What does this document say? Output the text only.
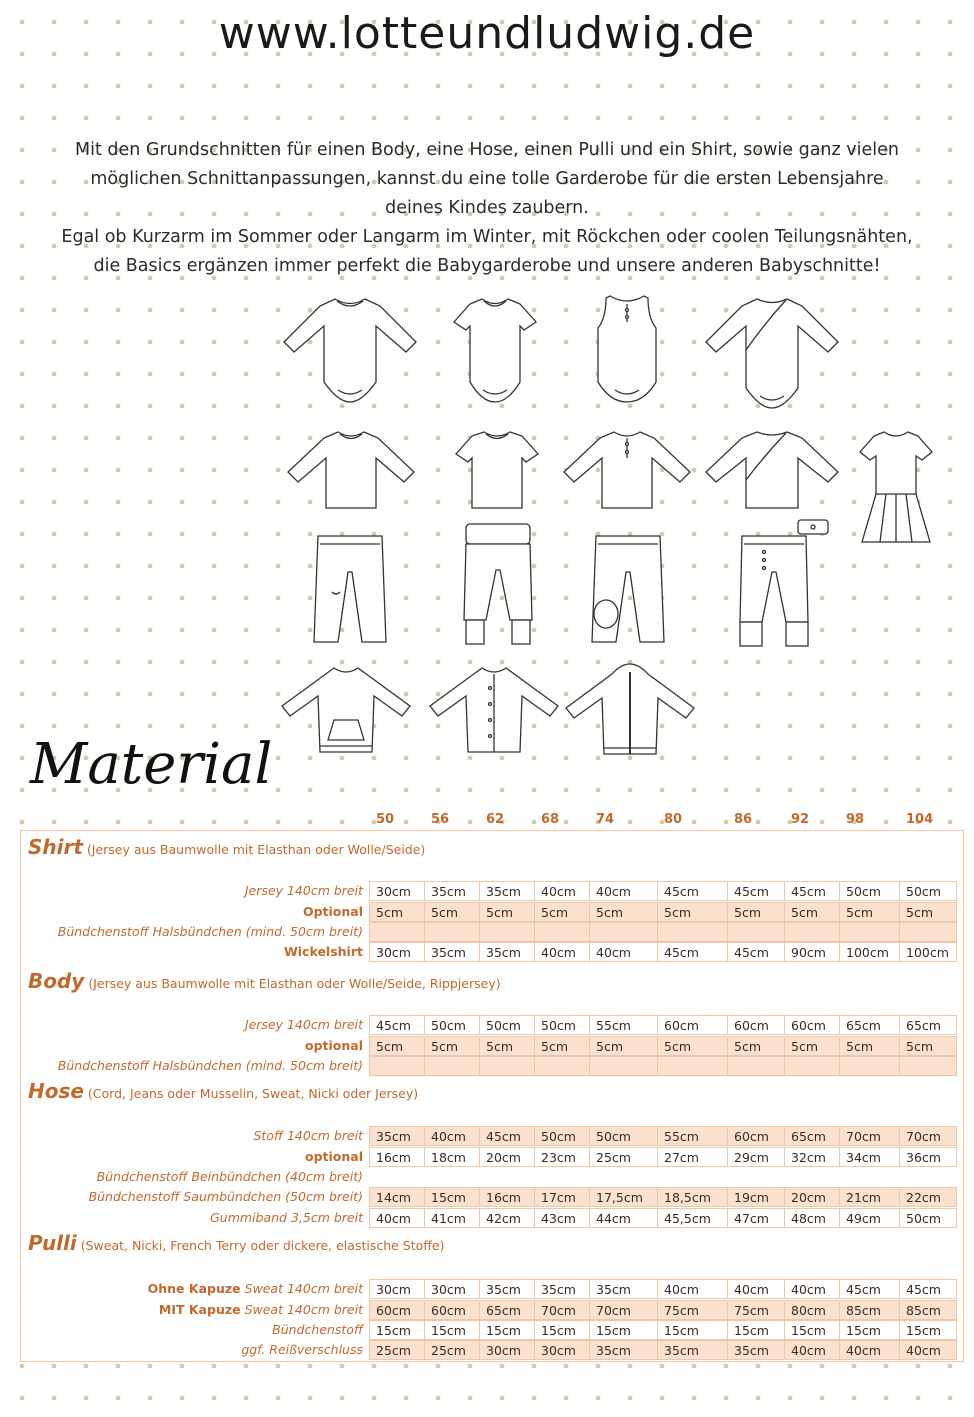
www.lotteundludwig.de
Mit den Grundschnitten für einen Body, eine Hose, einen Pulli und ein Shirt, sowie ganz vielen
möglichen Schnittanpassungen, kannst du eine tolle Garderobe für die ersten Lebensjahre
deines Kindes zaubern.
Egal ob Kurzarm im Sommer oder Langarm im Winter, mit Röckchen oder coolen Teilungsnähten,
die Basics ergänzen immer perfekt die Babygarderobe und unsere anderen Babyschnitte!
Material
50	56	62	68	74	80	86	92	98	104
Shirt (Jersey aus Baumwolle mit Elasthan oder Wolle/Seide)
Jersey 140cm breit	30cm	35cm	35cm	40cm	40cm	45cm	45cm	45cm	50cm	50cm
Optional	5cm	5cm	5cm	5cm	5cm	5cm	5cm	5cm	5cm	5cm
Bündchenstoff Halsbündchen (mind. 50cm breit)
Wickelshirt	30cm	35cm	35cm	40cm	40cm	45cm	45cm	90cm	100cm	100cm
Body (Jersey aus Baumwolle mit Elasthan oder Wolle/Seide, Rippjersey)
Jersey 140cm breit	45cm	50cm	50cm	50cm	55cm	60cm	60cm	60cm	65cm	65cm
optional	5cm	5cm	5cm	5cm	5cm	5cm	5cm	5cm	5cm	5cm
Bündchenstoff Halsbündchen (mind. 50cm breit)
Hose (Cord, Jeans oder Musselin, Sweat, Nicki oder Jersey)
Stoff 140cm breit	35cm	40cm	45cm	50cm	50cm	55cm	60cm	65cm	70cm	70cm
optional	16cm	18cm	20cm	23cm	25cm	27cm	29cm	32cm	34cm	36cm
Bündchenstoff Beinbündchen (40cm breit)
Bündchenstoff Saumbündchen (50cm breit)	14cm	15cm	16cm	17cm	17,5cm	18,5cm	19cm	20cm	21cm	22cm
Gummiband 3,5cm breit	40cm	41cm	42cm	43cm	44cm	45,5cm	47cm	48cm	49cm	50cm
Pulli (Sweat, Nicki, French Terry oder dickere, elastische Stoffe)
Ohne Kapuze Sweat 140cm breit	30cm	30cm	35cm	35cm	35cm	40cm	40cm	40cm	45cm	45cm
MIT Kapuze Sweat 140cm breit	60cm	60cm	65cm	70cm	70cm	75cm	75cm	80cm	85cm	85cm
Bündchenstoff	15cm	15cm	15cm	15cm	15cm	15cm	15cm	15cm	15cm	15cm
ggf. Reißverschluss	25cm	25cm	30cm	30cm	35cm	35cm	35cm	40cm	40cm	40cm
